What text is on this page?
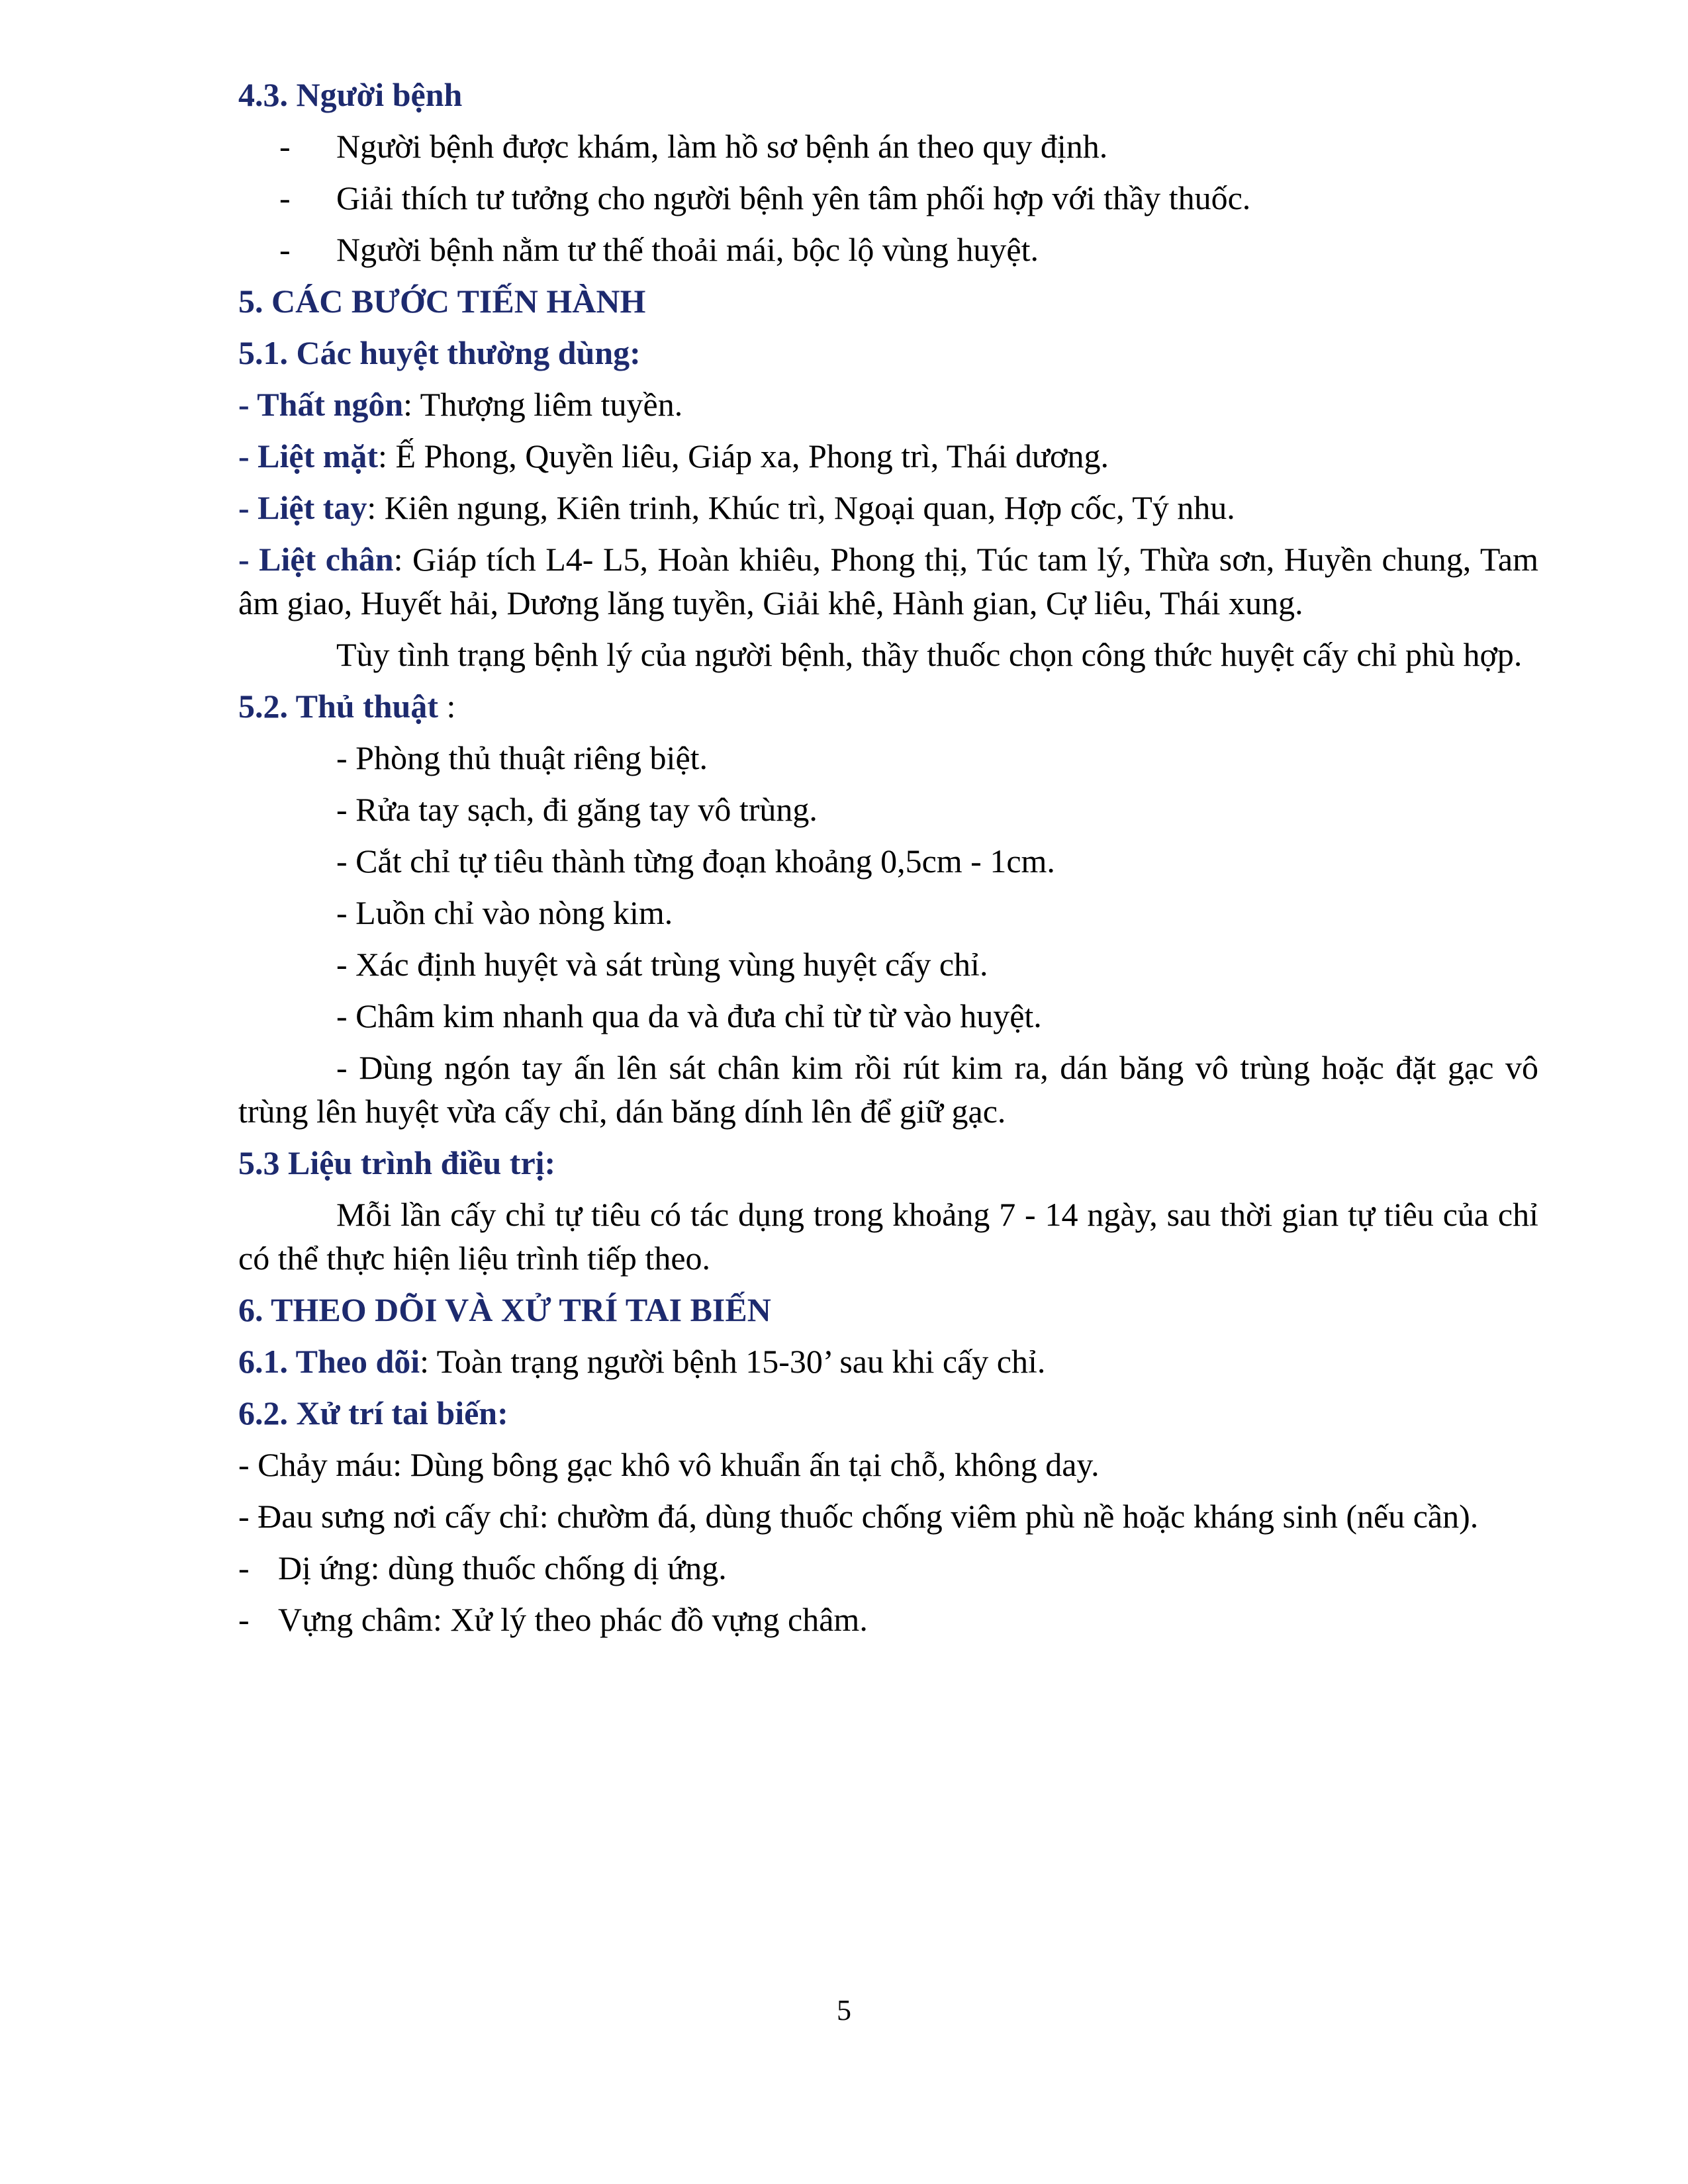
4.3. Người bệnh
- Người bệnh được khám, làm hồ sơ bệnh án theo quy định.
- Giải thích tư tưởng cho người bệnh yên tâm phối hợp với thầy thuốc.
- Người bệnh nằm tư thế thoải mái, bộc lộ vùng huyệt.
5. CÁC BƯỚC TIẾN HÀNH
5.1. Các huyệt thường dùng:
- Thất ngôn: Thượng liêm tuyền.
- Liệt mặt: Ế Phong, Quyền liêu, Giáp xa, Phong trì, Thái dương.
- Liệt tay: Kiên ngung, Kiên trinh, Khúc trì, Ngoại quan, Hợp cốc, Tý nhu.
- Liệt chân: Giáp tích L4- L5, Hoàn khiêu, Phong thị, Túc tam lý, Thừa sơn, Huyền chung, Tam âm giao, Huyết hải, Dương lăng tuyền, Giải khê, Hành gian, Cự liêu, Thái xung.
Tùy tình trạng bệnh lý của người bệnh, thầy thuốc chọn công thức huyệt cấy chỉ phù hợp.
5.2. Thủ thuật :
- Phòng thủ thuật riêng biệt.
- Rửa tay sạch, đi găng tay vô trùng.
- Cắt chỉ tự tiêu thành từng đoạn khoảng 0,5cm - 1cm.
- Luồn chỉ vào nòng kim.
- Xác định huyệt và sát trùng vùng huyệt cấy chỉ.
- Châm kim nhanh qua da và đưa chỉ từ từ vào huyệt.
- Dùng ngón tay ấn lên sát chân kim rồi rút kim ra, dán băng vô trùng hoặc đặt gạc vô trùng lên huyệt vừa cấy chỉ, dán băng dính lên để giữ gạc.
5.3 Liệu trình điều trị:
Mỗi lần cấy chỉ tự tiêu có tác dụng trong khoảng 7 - 14 ngày, sau thời gian tự tiêu của chỉ có thể thực hiện liệu trình tiếp theo.
6. THEO DÕI VÀ XỬ TRÍ TAI BIẾN
6.1. Theo dõi: Toàn trạng người bệnh 15-30’ sau khi cấy chỉ.
6.2. Xử trí tai biến:
- Chảy máu: Dùng bông gạc khô vô khuẩn ấn tại chỗ, không day.
- Đau sưng nơi cấy chỉ: chườm đá, dùng thuốc chống viêm phù nề hoặc kháng sinh (nếu cần).
- Dị ứng: dùng thuốc chống dị ứng.
- Vựng châm: Xử lý theo phác đồ vựng châm.
5
